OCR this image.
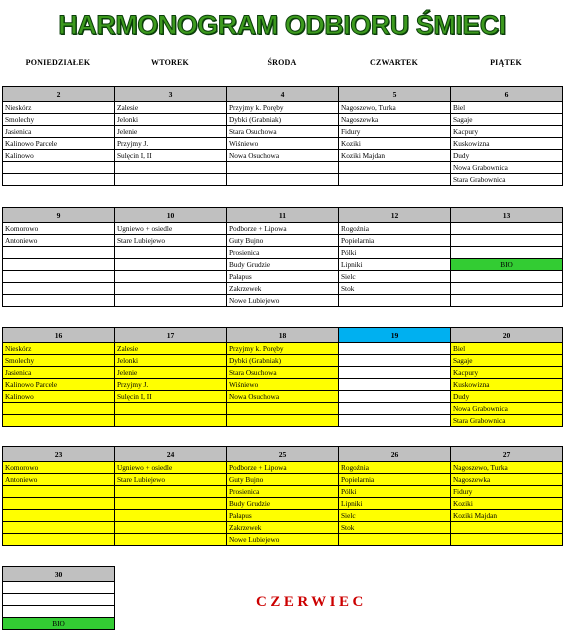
HARMONOGRAM ODBIORU ŚMIECI
PONIEDZIAŁEK	WTOREK	ŚRODA	CZWARTEK	PIĄTEK
2	3	4	5	6
Nieskórz	Zalesie	Przyjmy k. Poręby	Nagoszewo, Turka	Biel
Smolechy	Jelonki	Dybki (Grabniak)	Nagoszewka	Sagaje
Jasienica	Jelenie	Stara Osuchowa	Fidury	Kacpury
Kalinowo Parcele	Przyjmy J.	Wiśniewo	Koziki	Kuskowizna
Kalinowo	Sulęcin I, II	Nowa Osuchowa	Koziki Majdan	Dudy
				Nowa Grabownica
				Stara Grabownica
9	10	11	12	13
Komorowo	Ugniewo + osiedle	Podborze + Lipowa	Rogoźnia	
Antoniewo	Stare Lubiejewo	Guty Bujno	Popielarnia	
		Prosienica	Pólki	
		Budy Grudzie	Lipniki	BIO
		Pałapus	Sielc	
		Zakrzewek	Stok	
		Nowe Lubiejewo		
16	17	18	19	20
Nieskórz	Zalesie	Przyjmy k. Poręby		Biel
Smolechy	Jelonki	Dybki (Grabniak)		Sagaje
Jasienica	Jelenie	Stara Osuchowa		Kacpury
Kalinowo Parcele	Przyjmy J.	Wiśniewo		Kuskowizna
Kalinowo	Sulęcin I, II	Nowa Osuchowa		Dudy
				Nowa Grabownica
				Stara Grabownica
23	24	25	26	27
Komorowo	Ugniewo + osiedle	Podborze + Lipowa	Rogoźnia	Nagoszewo, Turka
Antoniewo	Stare Lubiejewo	Guty Bujno	Popielarnia	Nagoszewka
		Prosienica	Pólki	Fidury
		Budy Grudzie	Lipniki	Koziki
		Pałapus	Sielc	Koziki Majdan
		Zakrzewek	Stok	
		Nowe Lubiejewo		
30

BIO
CZERWIEC
